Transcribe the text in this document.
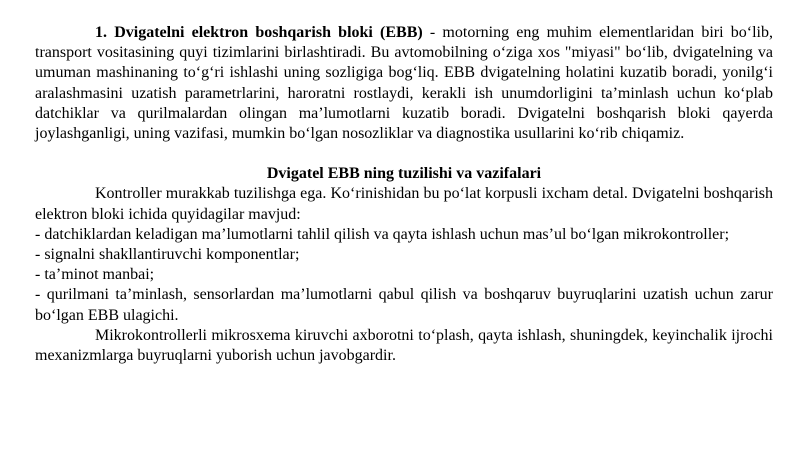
1. Dvigatelni elektron boshqarish bloki (EBB) - motorning eng muhim elementlaridan biri bo‘lib, transport vositasining quyi tizimlarini birlashtiradi. Bu avtomobilning o‘ziga xos "miyasi" bo‘lib, dvigatelning va umuman mashinaning to‘g‘ri ishlashi uning sozligiga bog‘liq. EBB dvigatelning holatini kuzatib boradi, yonilg‘i aralashmasini uzatish parametrlarini, haroratni rostlaydi, kerakli ish unumdorligini ta’minlash uchun ko‘plab datchiklar va qurilmalardan olingan ma’lumotlarni kuzatib boradi. Dvigatelni boshqarish bloki qayerda joylashganligi, uning vazifasi, mumkin bo‘lgan nosozliklar va diagnostika usullarini ko‘rib chiqamiz.

Dvigatel EBB ning tuzilishi va vazifalari

Kontroller murakkab tuzilishga ega. Ko‘rinishidan bu po‘lat korpusli ixcham detal. Dvigatelni boshqarish elektron bloki ichida quyidagilar mavjud:

- datchiklardan keladigan ma’lumotlarni tahlil qilish va qayta ishlash uchun mas’ul bo‘lgan mikrokontroller;
- signalni shakllantiruvchi komponentlar;
- ta’minot manbai;
- qurilmani ta’minlash, sensorlardan ma’lumotlarni qabul qilish va boshqaruv buyruqlarini uzatish uchun zarur bo‘lgan EBB ulagichi.

Mikrokontrollerli mikrosxema kiruvchi axborotni to‘plash, qayta ishlash, shuningdek, keyinchalik ijrochi mexanizmlarga buyruqlarni yuborish uchun javobgardir.
